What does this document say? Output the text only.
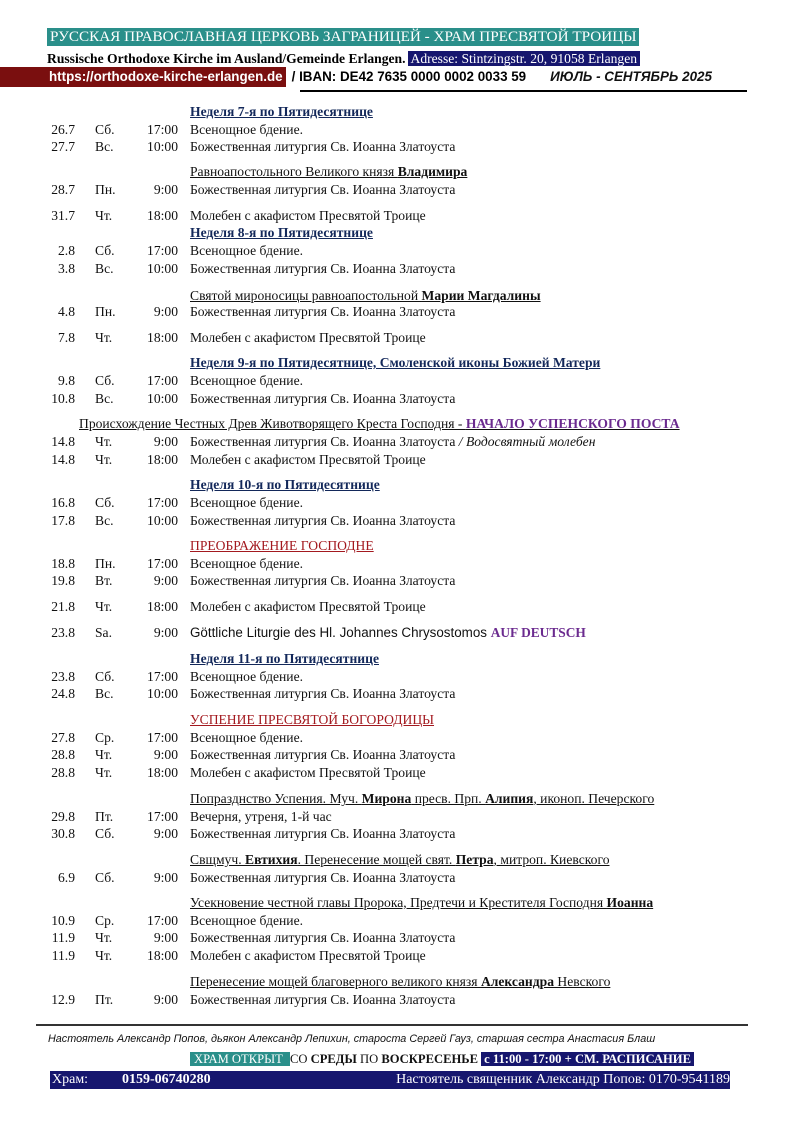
РУССКАЯ ПРАВОСЛАВНАЯ ЦЕРКОВЬ ЗАГРАНИЦЕЙ - ХРАМ ПРЕСВЯТОЙ ТРОИЦЫ
Russische Orthodoxe Kirche im Ausland/Gemeinde Erlangen. Adresse: Stintzingstr. 20, 91058 Erlangen
https://orthodoxe-kirche-erlangen.de / IBAN: DE42 7635 0000 0002 0033 59 ИЮЛЬ - СЕНТЯБРЬ 2025
Неделя 7-я по Пятидесятнице
26.7 Сб. 17:00 Всенощное бдение.
27.7 Вс. 10:00 Божественная литургия Св. Иоанна Златоуста
Равноапостольного Великого князя Владимира
28.7 Пн.	9:00 Божественная литургия Св. Иоанна Златоуста
31.7 Чт.	18:00 Молебен с акафистом Пресвятой Троице
Неделя 8-я по Пятидесятнице
2.8 Сб. 17:00 Всенощное бдение.
3.8 Вс. 10:00 Божественная литургия Св. Иоанна Златоуста
Святой мироносицы равноапостольной Марии Магдалины
4.8 Пн.	9:00 Божественная литургия Св. Иоанна Златоуста
7.8 Чт.	18:00 Молебен с акафистом Пресвятой Троице
Неделя 9-я по Пятидесятнице, Смоленской иконы Божией Матери
9.8 Сб. 17:00 Всенощное бдение.
10.8 Вс. 10:00 Божественная литургия Св. Иоанна Златоуста
Происхождение Честных Древ Животворящего Креста Господня - НАЧАЛО УСПЕНСКОГО ПОСТА
14.8 Чт.	9:00 Божественная литургия Св. Иоанна Златоуста / Водосвятный молебен
14.8 Чт.	18:00 Молебен с акафистом Пресвятой Троице
Неделя 10-я по Пятидесятнице
16.8 Сб. 17:00 Всенощное бдение.
17.8 Вс. 10:00 Божественная литургия Св. Иоанна Златоуста
ПРЕОБРАЖЕНИЕ ГОСПОДНЕ
18.8 Пн. 17:00 Всенощное бдение.
19.8 Вт.	9:00 Божественная литургия Св. Иоанна Златоуста
21.8 Чт.	18:00 Молебен с акафистом Пресвятой Троице
23.8 Sa.	9:00 Göttliche Liturgie des Hl. Johannes Chrysostomos AUF DEUTSCH
Неделя 11-я по Пятидесятнице
23.8 Сб. 17:00 Всенощное бдение.
24.8 Вс. 10:00 Божественная литургия Св. Иоанна Златоуста
УСПЕНИЕ ПРЕСВЯТОЙ БОГОРОДИЦЫ
27.8 Ср. 17:00 Всенощное бдение.
28.8 Чт.	9:00 Божественная литургия Св. Иоанна Златоуста
28.8 Чт.	18:00 Молебен с акафистом Пресвятой Троице
Попразднство Успения. Муч. Мирона пресв. Прп. Алипия, иконоп. Печерского
29.8 Пт. 17:00 Вечерня, утреня, 1-й час
30.8 Сб.	9:00 Божественная литургия Св. Иоанна Златоуста
Свщмуч. Евтихия. Перенесение мощей свят. Петра, митроп. Киевского
6.9 Сб.	9:00 Божественная литургия Св. Иоанна Златоуста
Усекновение честной главы Пророка, Предтечи и Крестителя Господня Иоанна
10.9 Ср. 17:00 Всенощное бдение.
11.9 Чт.	9:00 Божественная литургия Св. Иоанна Златоуста
11.9 Чт.	18:00 Молебен с акафистом Пресвятой Троице
Перенесение мощей благоверного великого князя Александра Невского
12.9 Пт.	9:00 Божественная литургия Св. Иоанна Златоуста
Настоятель Александр Попов, дьякон Александр Лепихин, староста Сергей Гауз, старшая сестра Анастасия Блаш
ХРАМ ОТКРЫТ СО СРЕДЫ ПО ВОСКРЕСЕНЬЕ с 11:00 - 17:00 + СМ. РАСПИСАНИЕ
Храм: 0159-06740280	Настоятель священник Александр Попов: 0170-9541189
